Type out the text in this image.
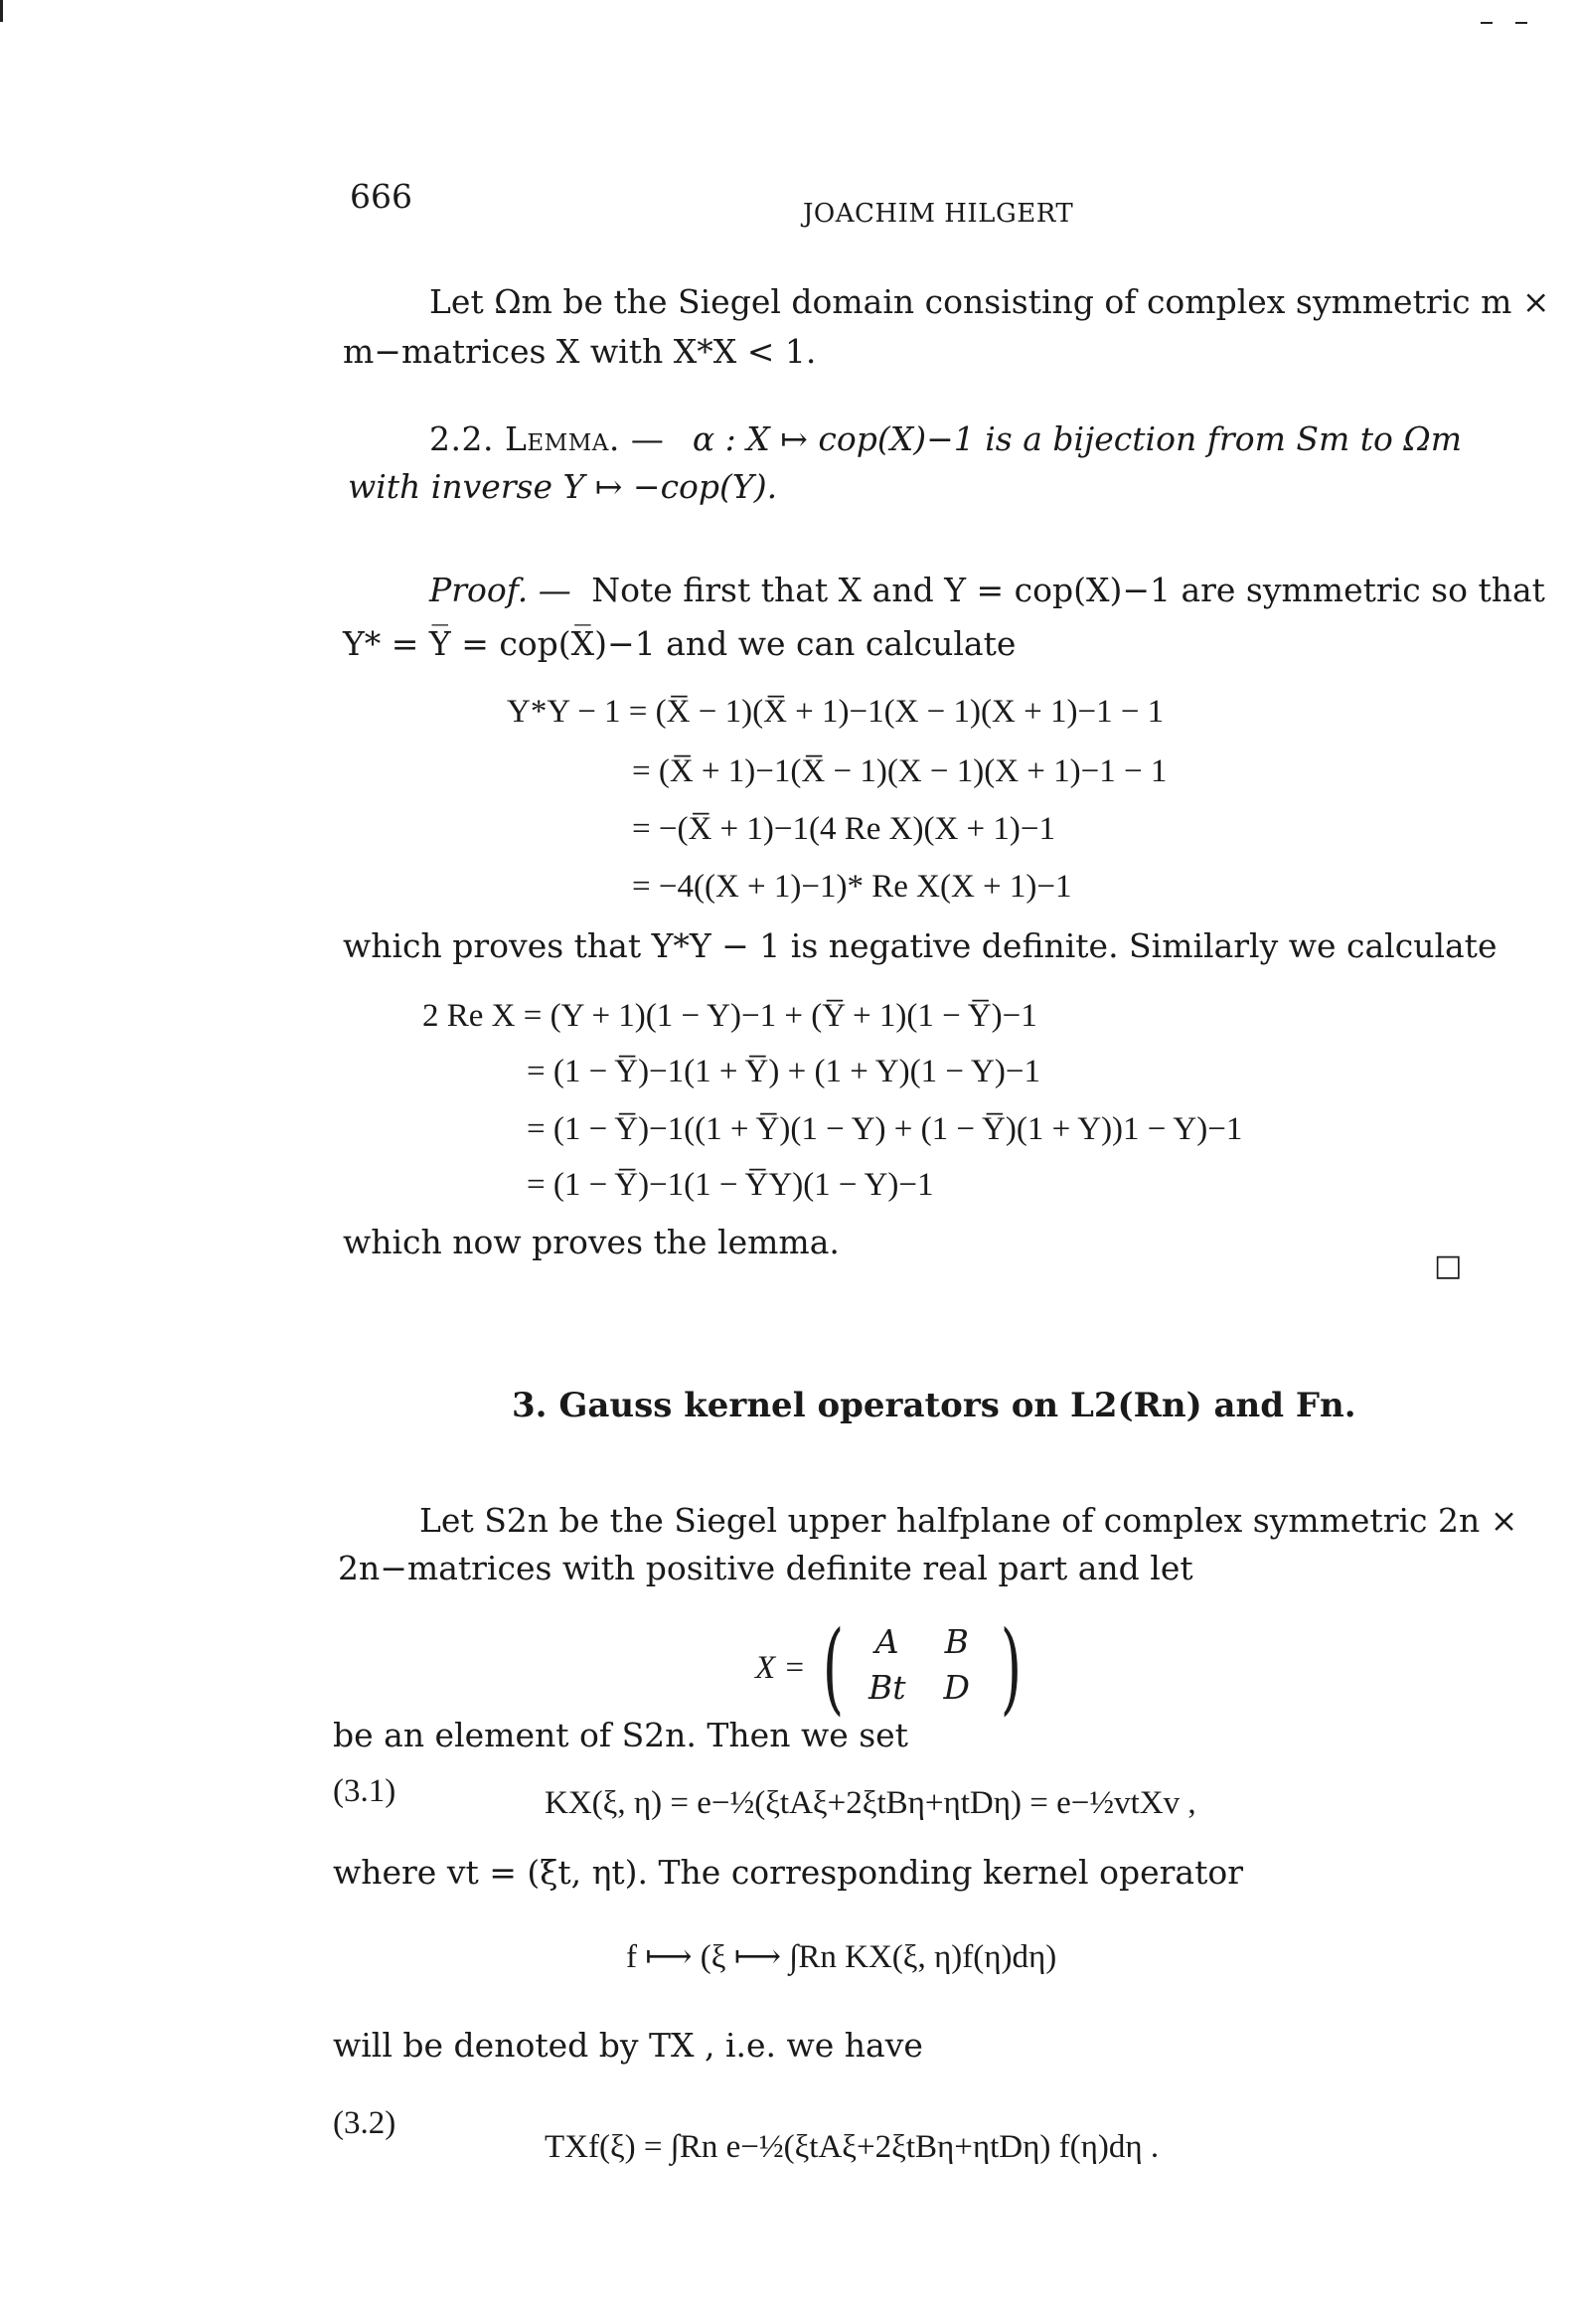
666	JOACHIM HILGERT
Let Ωm be the Siegel domain consisting of complex symmetric m ×
m−matrices X with X*X < 1.
2.2. Lemma. — α : X ↦ cop(X)−1 is a bijection from Sm to Ωm
with inverse Y ↦ −cop(Y).
Proof. — Note first that X and Y = cop(X)−1 are symmetric so that
Y* = Y̅ = cop(X̅)−1 and we can calculate
Y*Y − 1 = (X̅ − 1)(X̅ + 1)−1(X − 1)(X + 1)−1 − 1
= (X̅ + 1)−1(X̅ − 1)(X − 1)(X + 1)−1 − 1
= −(X̅ + 1)−1(4 Re X)(X + 1)−1
= −4((X + 1)−1)* Re X(X + 1)−1
which proves that Y*Y − 1 is negative definite. Similarly we calculate
2 Re X = (Y + 1)(1 − Y)−1 + (Y̅ + 1)(1 − Y̅)−1
= (1 − Y̅)−1(1 + Y̅) + (1 + Y)(1 − Y)−1
= (1 − Y̅)−1((1 + Y̅)(1 − Y) + (1 − Y̅)(1 + Y))1 − Y)−1
= (1 − Y̅)−1(1 − Y̅Y)(1 − Y)−1
which now proves the lemma.
□
3. Gauss kernel operators on L2(Rn) and Fn.
Let S2n be the Siegel upper halfplane of complex symmetric 2n ×
2n−matrices with positive definite real part and let
X = ( A	B
Bt	D )
be an element of S2n. Then we set
(3.1)	KX(ξ, η) = e−½(ξtAξ+2ξtBη+ηtDη) = e−½vtXv ,
where vt = (ξt, ηt). The corresponding kernel operator
f ⟼ (ξ ⟼ ∫Rn KX(ξ, η)f(η)dη)
will be denoted by TX , i.e. we have
(3.2)
TXf(ξ) = ∫Rn e−½(ξtAξ+2ξtBη+ηtDη) f(η)dη .
